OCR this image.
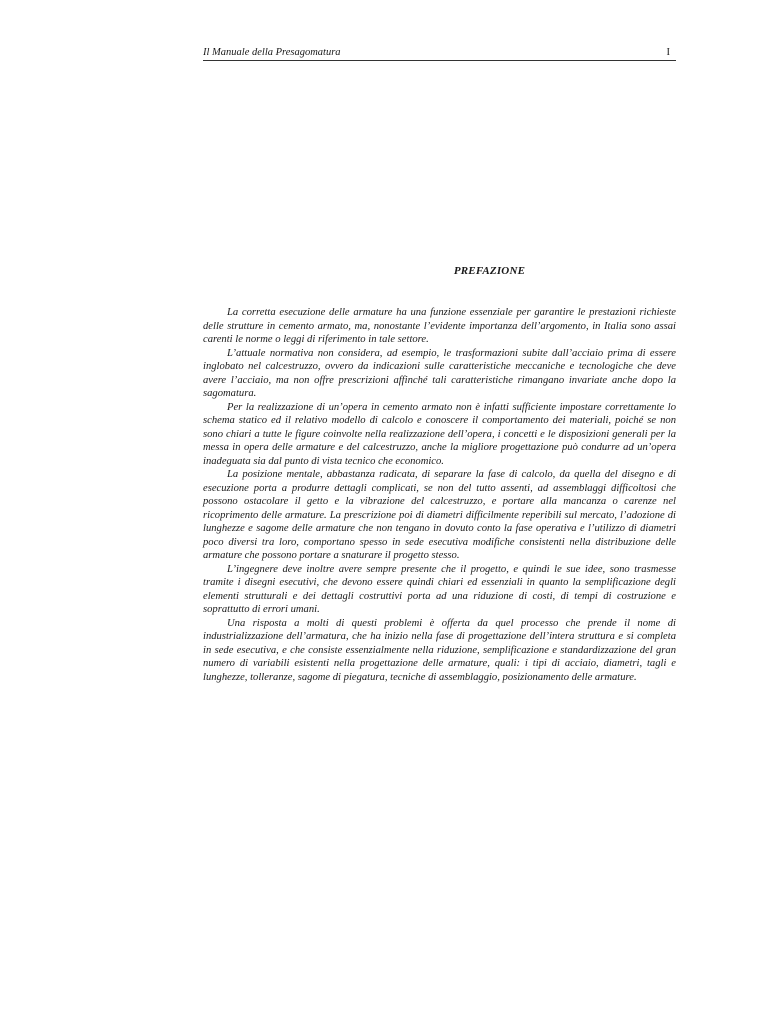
Il Manuale della Presagomatura	I
PREFAZIONE

La corretta esecuzione delle armature ha una funzione essenziale per garantire le prestazioni richieste delle strutture in cemento armato, ma, nonostante l’evidente importanza dell’argomento, in Italia sono assai carenti le norme o leggi di riferimento in tale settore.

L’attuale normativa non considera, ad esempio, le trasformazioni subite dall’acciaio prima di essere inglobato nel calcestruzzo, ovvero da indicazioni sulle caratteristiche meccaniche e tecnologiche che deve avere l’acciaio, ma non offre prescrizioni affinché tali caratteristiche rimangano invariate anche dopo la sagomatura.

Per la realizzazione di un’opera in cemento armato non è infatti sufficiente impostare correttamente lo schema statico ed il relativo modello di calcolo e conoscere il comportamento dei materiali, poiché se non sono chiari a tutte le figure coinvolte nella realizzazione dell’opera, i concetti e le disposizioni generali per la messa in opera delle armature e del calcestruzzo, anche la migliore progettazione può condurre ad un’opera inadeguata sia dal punto di vista tecnico che economico.

La posizione mentale, abbastanza radicata, di separare la fase di calcolo, da quella del disegno e di esecuzione porta a produrre dettagli complicati, se non del tutto assenti, ad assemblaggi difficoltosi che possono ostacolare il getto e la vibrazione del calcestruzzo, e portare alla mancanza o carenze nel ricoprimento delle armature. La prescrizione poi di diametri difficilmente reperibili sul mercato, l’adozione di lunghezze e sagome delle armature che non tengano in dovuto conto la fase operativa e l’utilizzo di diametri poco diversi tra loro, comportano spesso in sede esecutiva modifiche consistenti nella distribuzione delle armature che possono portare a snaturare il progetto stesso.

L’ingegnere deve inoltre avere sempre presente che il progetto, e quindi le sue idee, sono trasmesse tramite i disegni esecutivi, che devono essere quindi chiari ed essenziali in quanto la semplificazione degli elementi strutturali e dei dettagli costruttivi porta ad una riduzione di costi, di tempi di costruzione e soprattutto di errori umani.

Una risposta a molti di questi problemi è offerta da quel processo che prende il nome di industrializzazione dell’armatura, che ha inizio nella fase di progettazione dell’intera struttura e si completa in sede esecutiva, e che consiste essenzialmente nella riduzione, semplificazione e standardizzazione del gran numero di variabili esistenti nella progettazione delle armature, quali: i tipi di acciaio, diametri, tagli e lunghezze, tolleranze, sagome di piegatura, tecniche di assemblaggio, posizionamento delle armature.
